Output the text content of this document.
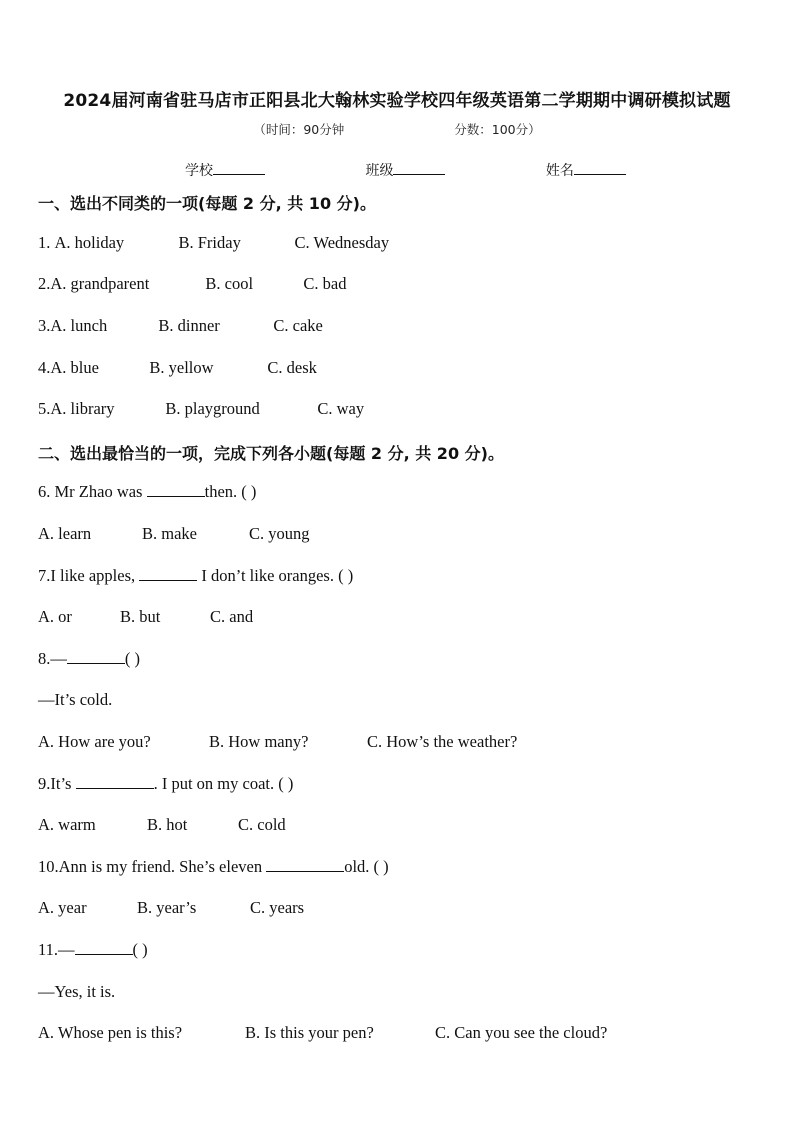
2024届河南省驻马店市正阳县北大翰林实验学校四年级英语第二学期期中调研模拟试题
（时间：90分钟	分数：100分）
学校	班级	姓名
一、选出不同类的一项(每题 2 分, 共 10 分)。
1. A. holiday	B. Friday	C. Wednesday
2.A. grandparent	B. cool	C. bad
3.A. lunch	B. dinner	C. cake
4.A. blue	B. yellow	C. desk
5.A. library	B. playground	C. way
二、选出最恰当的一项，完成下列各小题(每题 2 分, 共 20 分)。
6. Mr Zhao was	then. ( )
A. learn	B. make	C. young
7.I like apples,	I don’t like oranges. ( )
A. or	B. but	C. and
8.—	( )
—It’s cold.
A. How are you?	B. How many?	C. How’s the weather?
9.It’s	. I put on my coat. ( )
A. warm	B. hot	C. cold
10.Ann is my friend. She’s eleven	old. ( )
A. year	B. year’s	C. years
11.—	( )
—Yes, it is.
A. Whose pen is this?	B. Is this your pen?	C. Can you see the cloud?
